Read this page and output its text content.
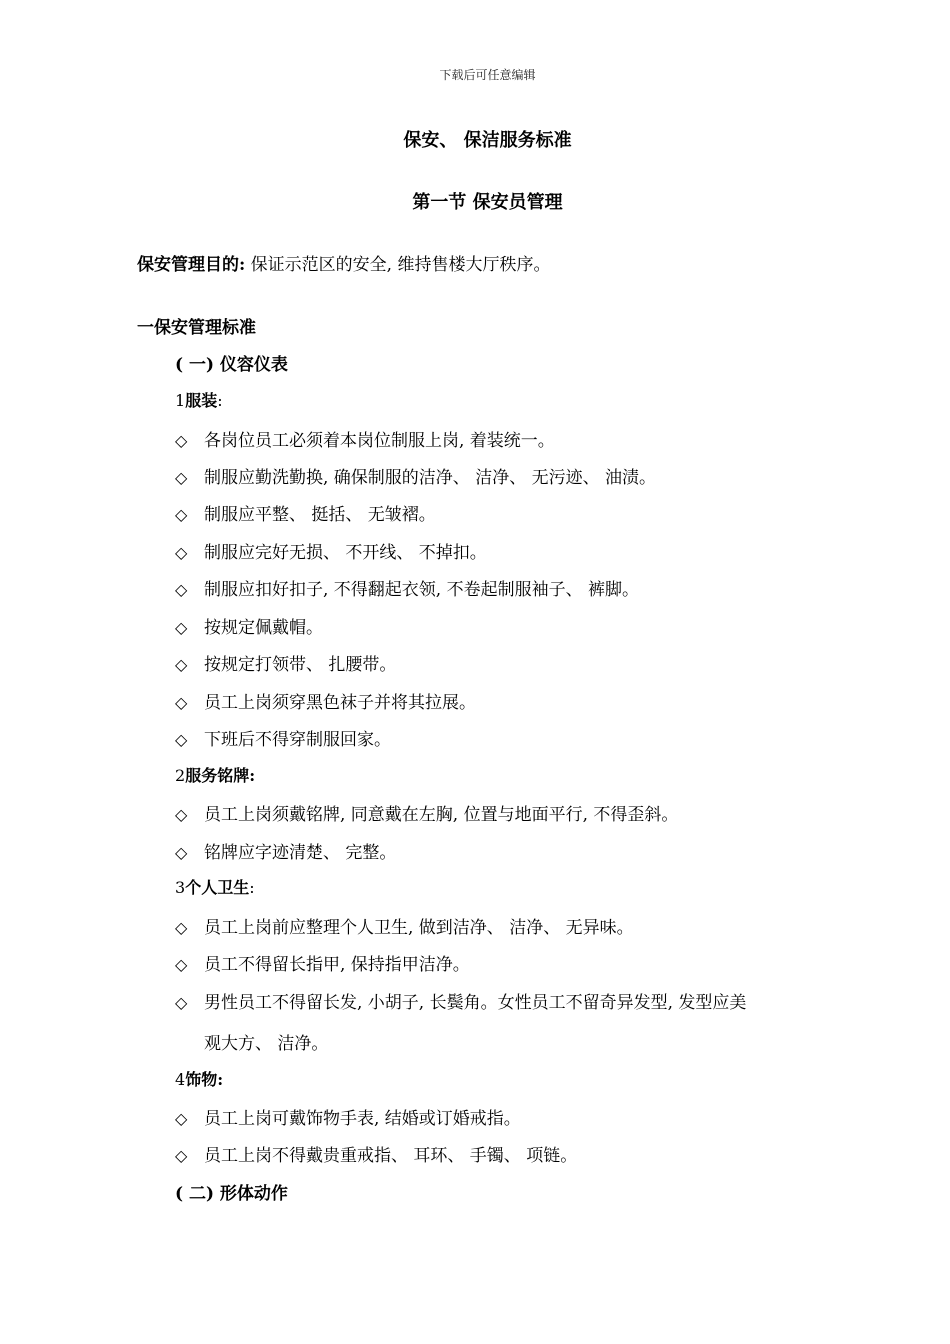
下载后可任意编辑
保安、 保洁服务标准
第一节 保安员管理
保安管理目的: 保证示范区的安全, 维持售楼大厅秩序。
一保安管理标准
( 一) 仪容仪表
1服装:
◇ 各岗位员工必须着本岗位制服上岗, 着装统一。
◇ 制服应勤洗勤换, 确保制服的洁净、 洁净、 无污迹、 油渍。
◇ 制服应平整、 挺括、 无皱褶。
◇ 制服应完好无损、 不开线、 不掉扣。
◇ 制服应扣好扣子, 不得翻起衣领, 不卷起制服袖子、 裤脚。
◇ 按规定佩戴帽。
◇ 按规定打领带、 扎腰带。
◇ 员工上岗须穿黑色袜子并将其拉展。
◇ 下班后不得穿制服回家。
2服务铭牌:
◇ 员工上岗须戴铭牌, 同意戴在左胸, 位置与地面平行, 不得歪斜。
◇ 铭牌应字迹清楚、 完整。
3个人卫生:
◇ 员工上岗前应整理个人卫生, 做到洁净、 洁净、 无异味。
◇ 员工不得留长指甲, 保持指甲洁净。
◇ 男性员工不得留长发, 小胡子, 长鬓角。女性员工不留奇异发型, 发型应美
观大方、 洁净。
4饰物:
◇ 员工上岗可戴饰物手表, 结婚或订婚戒指。
◇ 员工上岗不得戴贵重戒指、 耳环、 手镯、 项链。
( 二) 形体动作
